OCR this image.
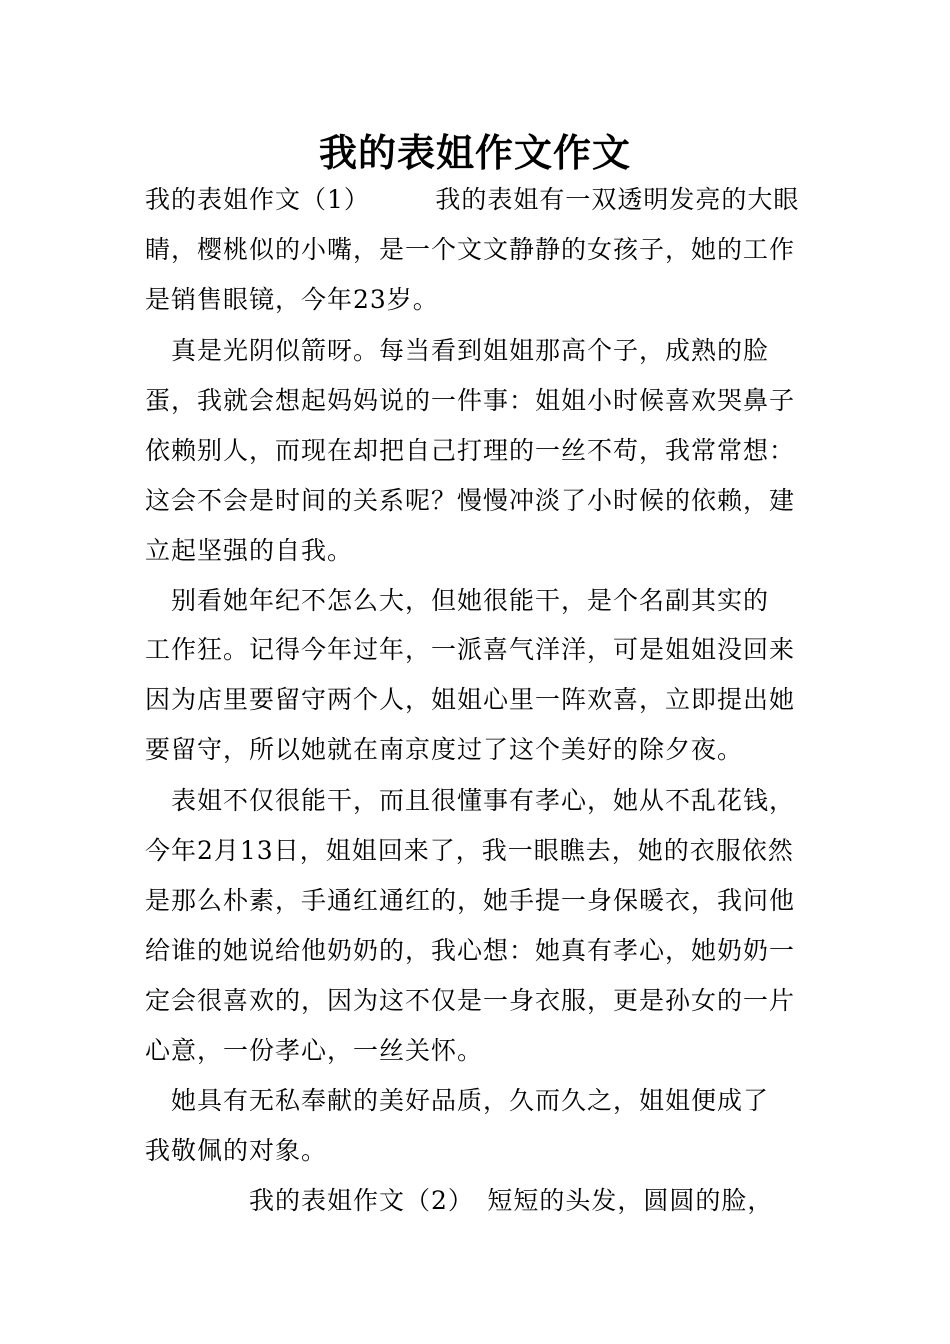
我的表姐作文作文
我的表姐作文（1）　　　我的表姐有一双透明发亮的大眼
睛，樱桃似的小嘴，是一个文文静静的女孩子，她的工作
是销售眼镜，今年23岁。
　真是光阴似箭呀。每当看到姐姐那高个子，成熟的脸
蛋，我就会想起妈妈说的一件事：姐姐小时候喜欢哭鼻子
依赖别人，而现在却把自己打理的一丝不苟，我常常想：
这会不会是时间的关系呢？慢慢冲淡了小时候的依赖，建
立起坚强的自我。
　别看她年纪不怎么大，但她很能干，是个名副其实的
工作狂。记得今年过年，一派喜气洋洋，可是姐姐没回来
因为店里要留守两个人，姐姐心里一阵欢喜，立即提出她
要留守，所以她就在南京度过了这个美好的除夕夜。
　表姐不仅很能干，而且很懂事有孝心，她从不乱花钱，
今年2月13日，姐姐回来了，我一眼瞧去，她的衣服依然
是那么朴素，手通红通红的，她手提一身保暖衣，我问他
给谁的她说给他奶奶的，我心想：她真有孝心，她奶奶一
定会很喜欢的，因为这不仅是一身衣服，更是孙女的一片
心意，一份孝心，一丝关怀。
　她具有无私奉献的美好品质，久而久之，姐姐便成了
我敬佩的对象。
　　　　我的表姐作文（2）　短短的头发，圆圆的脸，
